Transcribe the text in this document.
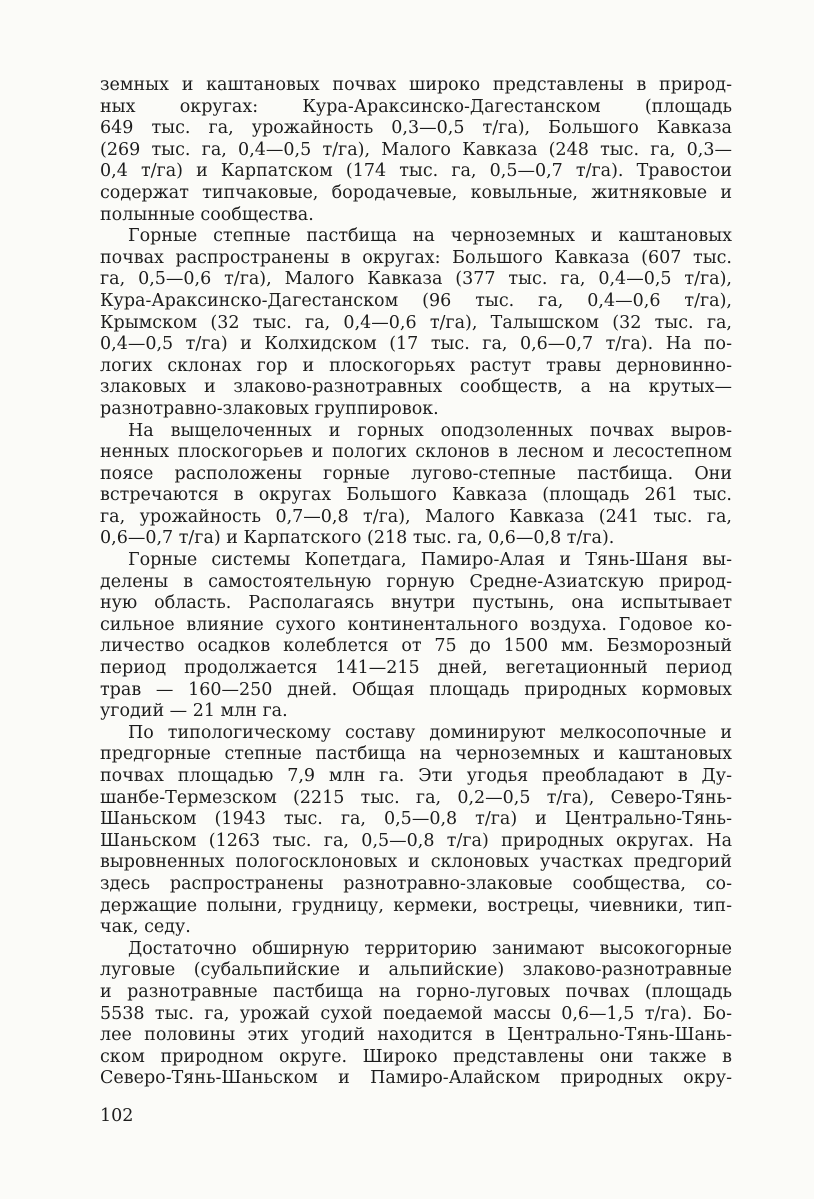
земных и каштановых почвах широко представлены в природ-
ных округах: Кура-Араксинско-Дагестанском (площадь
649 тыс. га, урожайность 0,3—0,5 т/га), Большого Кавказа
(269 тыс. га, 0,4—0,5 т/га), Малого Кавказа (248 тыс. га, 0,3—
0,4 т/га) и Карпатском (174 тыс. га, 0,5—0,7 т/га). Травостои
содержат типчаковые, бородачевые, ковыльные, житняковые и
полынные сообщества.
Горные степные пастбища на черноземных и каштановых
почвах распространены в округах: Большого Кавказа (607 тыс.
га, 0,5—0,6 т/га), Малого Кавказа (377 тыс. га, 0,4—0,5 т/га),
Кура-Араксинско-Дагестанском (96 тыс. га, 0,4—0,6 т/га),
Крымском (32 тыс. га, 0,4—0,6 т/га), Талышском (32 тыс. га,
0,4—0,5 т/га) и Колхидском (17 тыс. га, 0,6—0,7 т/га). На по-
логих склонах гор и плоскогорьях растут травы дерновинно-
злаковых и злаково-разнотравных сообществ, а на крутых—
разнотравно-злаковых группировок.
На выщелоченных и горных оподзоленных почвах выров-
ненных плоскогорьев и пологих склонов в лесном и лесостепном
поясе расположены горные лугово-степные пастбища. Они
встречаются в округах Большого Кавказа (площадь 261 тыс.
га, урожайность 0,7—0,8 т/га), Малого Кавказа (241 тыс. га,
0,6—0,7 т/га) и Карпатского (218 тыс. га, 0,6—0,8 т/га).
Горные системы Копетдага, Памиро-Алая и Тянь-Шаня вы-
делены в самостоятельную горную Средне-Азиатскую природ-
ную область. Располагаясь внутри пустынь, она испытывает
сильное влияние сухого континентального воздуха. Годовое ко-
личество осадков колеблется от 75 до 1500 мм. Безморозный
период продолжается 141—215 дней, вегетационный период
трав — 160—250 дней. Общая площадь природных кормовых
угодий — 21 млн га.
По типологическому составу доминируют мелкосопочные и
предгорные степные пастбища на черноземных и каштановых
почвах площадью 7,9 млн га. Эти угодья преобладают в Ду-
шанбе-Термезском (2215 тыс. га, 0,2—0,5 т/га), Северо-Тянь-
Шаньском (1943 тыс. га, 0,5—0,8 т/га) и Центрально-Тянь-
Шаньском (1263 тыс. га, 0,5—0,8 т/га) природных округах. На
выровненных пологосклоновых и склоновых участках предгорий
здесь распространены разнотравно-злаковые сообщества, со-
держащие полыни, грудницу, кермеки, вострецы, чиевники, тип-
чак, седу.
Достаточно обширную территорию занимают высокогорные
луговые (субальпийские и альпийские) злаково-разнотравные
и разнотравные пастбища на горно-луговых почвах (площадь
5538 тыс. га, урожай сухой поедаемой массы 0,6—1,5 т/га). Бо-
лее половины этих угодий находится в Центрально-Тянь-Шань-
ском природном округе. Широко представлены они также в
Северо-Тянь-Шаньском и Памиро-Алайском природных окру-
102
